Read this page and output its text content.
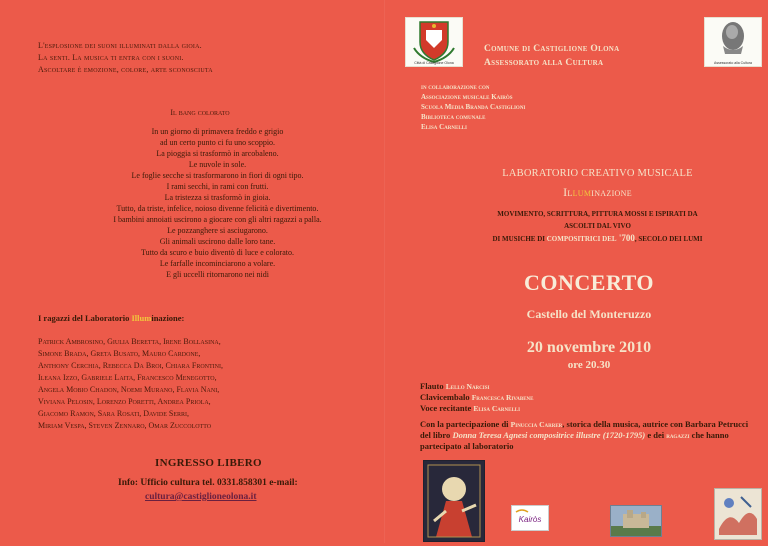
L'esplosione dei suoni illuminati dalla gioia.
La senti. La musica ti entra con i suoni.
Ascoltare è emozione, colore, arte sconosciuta
Il bang colorato
In un giorno di primavera freddo e grigio
ad un certo punto ci fu uno scoppio.
La pioggia si trasformò in arcobaleno.
Le nuvole in sole.
Le foglie secche si trasformarono in fiori di ogni tipo.
I rami secchi, in rami con frutti.
La tristezza si trasformò in gioia.
Tutto, da triste, infelice, noioso divenne felicità e divertimento.
I bambini annoiati uscirono a giocare con gli altri ragazzi a palla.
Le pozzanghere si asciugarono.
Gli animali uscirono dalle loro tane.
Tutto da scuro e buio diventò di luce e colorato.
Le farfalle incominciarono a volare.
E gli uccelli ritornarono nei nidi
I ragazzi del Laboratorio Illuminazione:
Patrick Ambrosino, Giulia Beretta, Irene Bollasina,
Simone Brada, Greta Busato, Mauro Cardone,
Anthony Cerchia, Rebecca Da Broi, Chiara Frontini,
Ileana Izzo, Gabriele Laita, Francesco Menegotto,
Angela Mobio Chadon, Noemi Murano, Flavia Nani,
Viviana Pelosin, Lorenzo Poretti, Andrea Priola,
Giacomo Ramon, Sara Rosati, Davide Serri,
Miriam Vespa, Steven Zennaro, Omar Zuccolotto
INGRESSO LIBERO
Info: Ufficio cultura tel. 0331.858301 e-mail:
cultura@castiglioneolona.it
Città di Castiglione Olona
Comune di Castiglione Olona
Assessorato alla Cultura	Assessorato alla Cultura
in collaborazione con
Associazione musicale Kairòs
Scuola Media Branda Castiglioni
Biblioteca comunale
Elisa Carnelli
LABORATORIO CREATIVO MUSICALE
Illuminazione
MOVIMENTO, SCRITTURA, PITTURA MOSSI E ISPIRATI DA
ASCOLTI DAL VIVO
DI MUSICHE DI COMPOSITRICI DEL '700, SECOLO DEI LUMI
CONCERTO
Castello del Monteruzzo
20 novembre 2010
ore 20.30
Flauto Lello Narcisi
Clavicembalo Francesca Rivabene
Voce recitante Elisa Carnelli
Con la partecipazione di Pinuccia Carrer, storica della musica, autrice con Barbara Petrucci del libro Donna Teresa Agnesi compositrice illustre (1720-1795) e dei ragazzi che hanno partecipato al laboratorio
Kairòs
